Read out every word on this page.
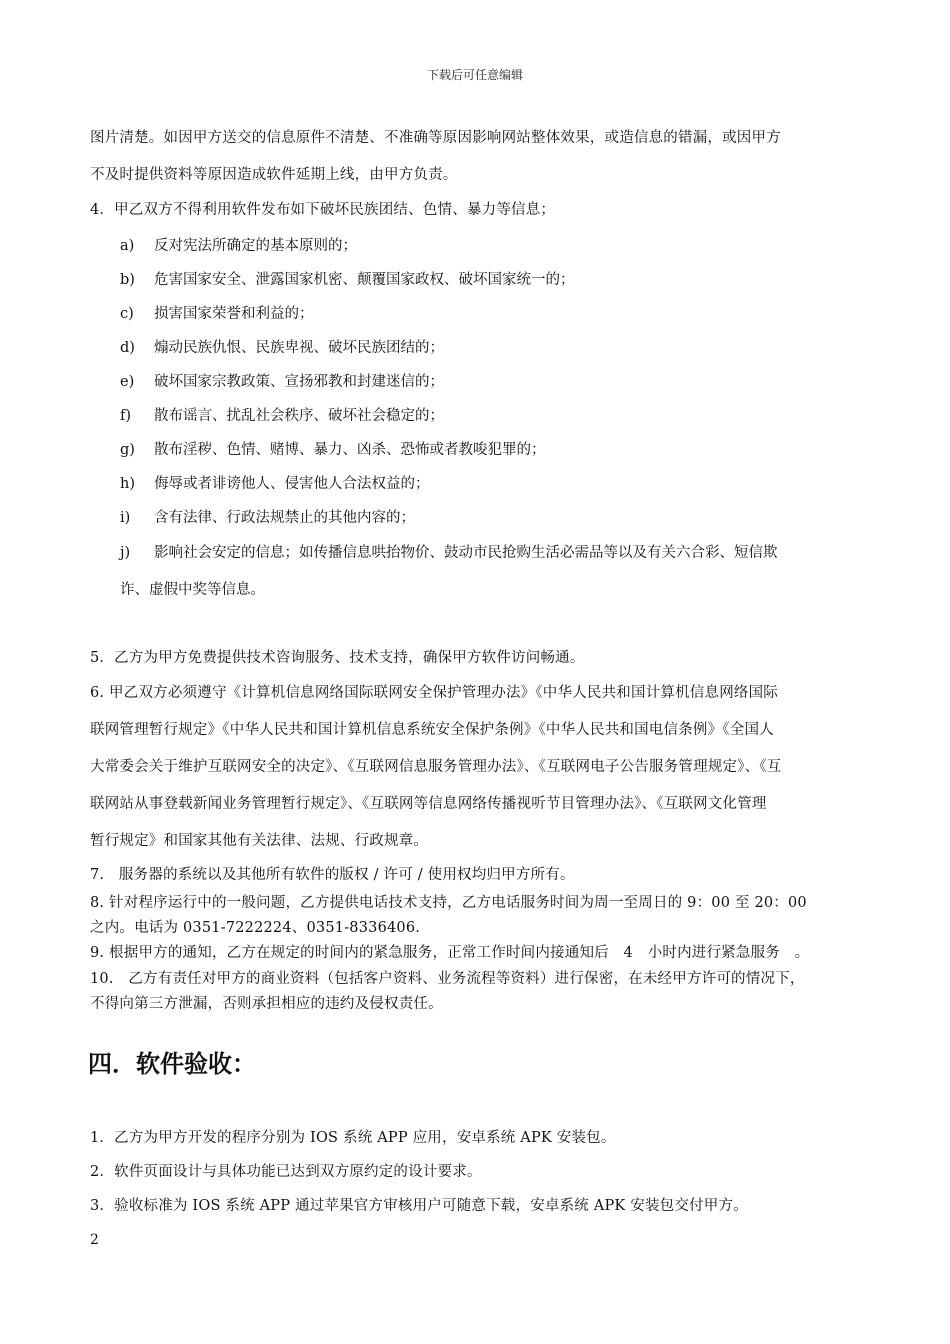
下载后可任意编辑
图片清楚。如因甲方送交的信息原件不清楚、不准确等原因影响网站整体效果，或造信息的错漏，或因甲方
不及时提供资料等原因造成软件延期上线，由甲方负责。
4．甲乙双方不得利用软件发布如下破坏民族团结、色情、暴力等信息；
a) 反对宪法所确定的基本原则的；
b) 危害国家安全、泄露国家机密、颠覆国家政权、破坏国家统一的；
c) 损害国家荣誉和利益的；
d) 煽动民族仇恨、民族卑视、破坏民族团结的；
e) 破坏国家宗教政策、宣扬邪教和封建迷信的；
f) 散布谣言、扰乱社会秩序、破坏社会稳定的；
g) 散布淫秽、色情、赌博、暴力、凶杀、恐怖或者教唆犯罪的；
h) 侮辱或者诽谤他人、侵害他人合法权益的；
i) 含有法律、行政法规禁止的其他内容的；
j) 影响社会安定的信息；如传播信息哄抬物价、鼓动市民抢购生活必需品等以及有关六合彩、短信欺
诈、虚假中奖等信息。
5．乙方为甲方免费提供技术咨询服务、技术支持，确保甲方软件访问畅通。
6. 甲乙双方必须遵守《计算机信息网络国际联网安全保护管理办法》《中华人民共和国计算机信息网络国际
联网管理暂行规定》《中华人民共和国计算机信息系统安全保护条例》《中华人民共和国电信条例》《全国人
大常委会关于维护互联网安全的决定》、《互联网信息服务管理办法》、《互联网电子公告服务管理规定》、《互
联网站从事登载新闻业务管理暂行规定》、《互联网等信息网络传播视听节目管理办法》、《互联网文化管理
暂行规定》和国家其他有关法律、法规、行政规章。
7.　服务器的系统以及其他所有软件的版权 / 许可 / 使用权均归甲方所有。
8. 针对程序运行中的一般问题，乙方提供电话技术支持，乙方电话服务时间为周一至周日的 9：00 至 20：00
之内。电话为 0351-7222224、0351-8336406.
9. 根据甲方的通知，乙方在规定的时间内的紧急服务，正常工作时间内接通知后　4　小时内进行紧急服务　。
10.　乙方有责任对甲方的商业资料（包括客户资料、业务流程等资料）进行保密，在未经甲方许可的情况下，
不得向第三方泄漏，否则承担相应的违约及侵权责任。
四．软件验收：
1．乙方为甲方开发的程序分别为 IOS 系统 APP 应用，安卓系统 APK 安装包。
2．软件页面设计与具体功能已达到双方原约定的设计要求。
3．验收标准为 IOS 系统 APP 通过苹果官方审核用户可随意下载，安卓系统 APK 安装包交付甲方。
2
